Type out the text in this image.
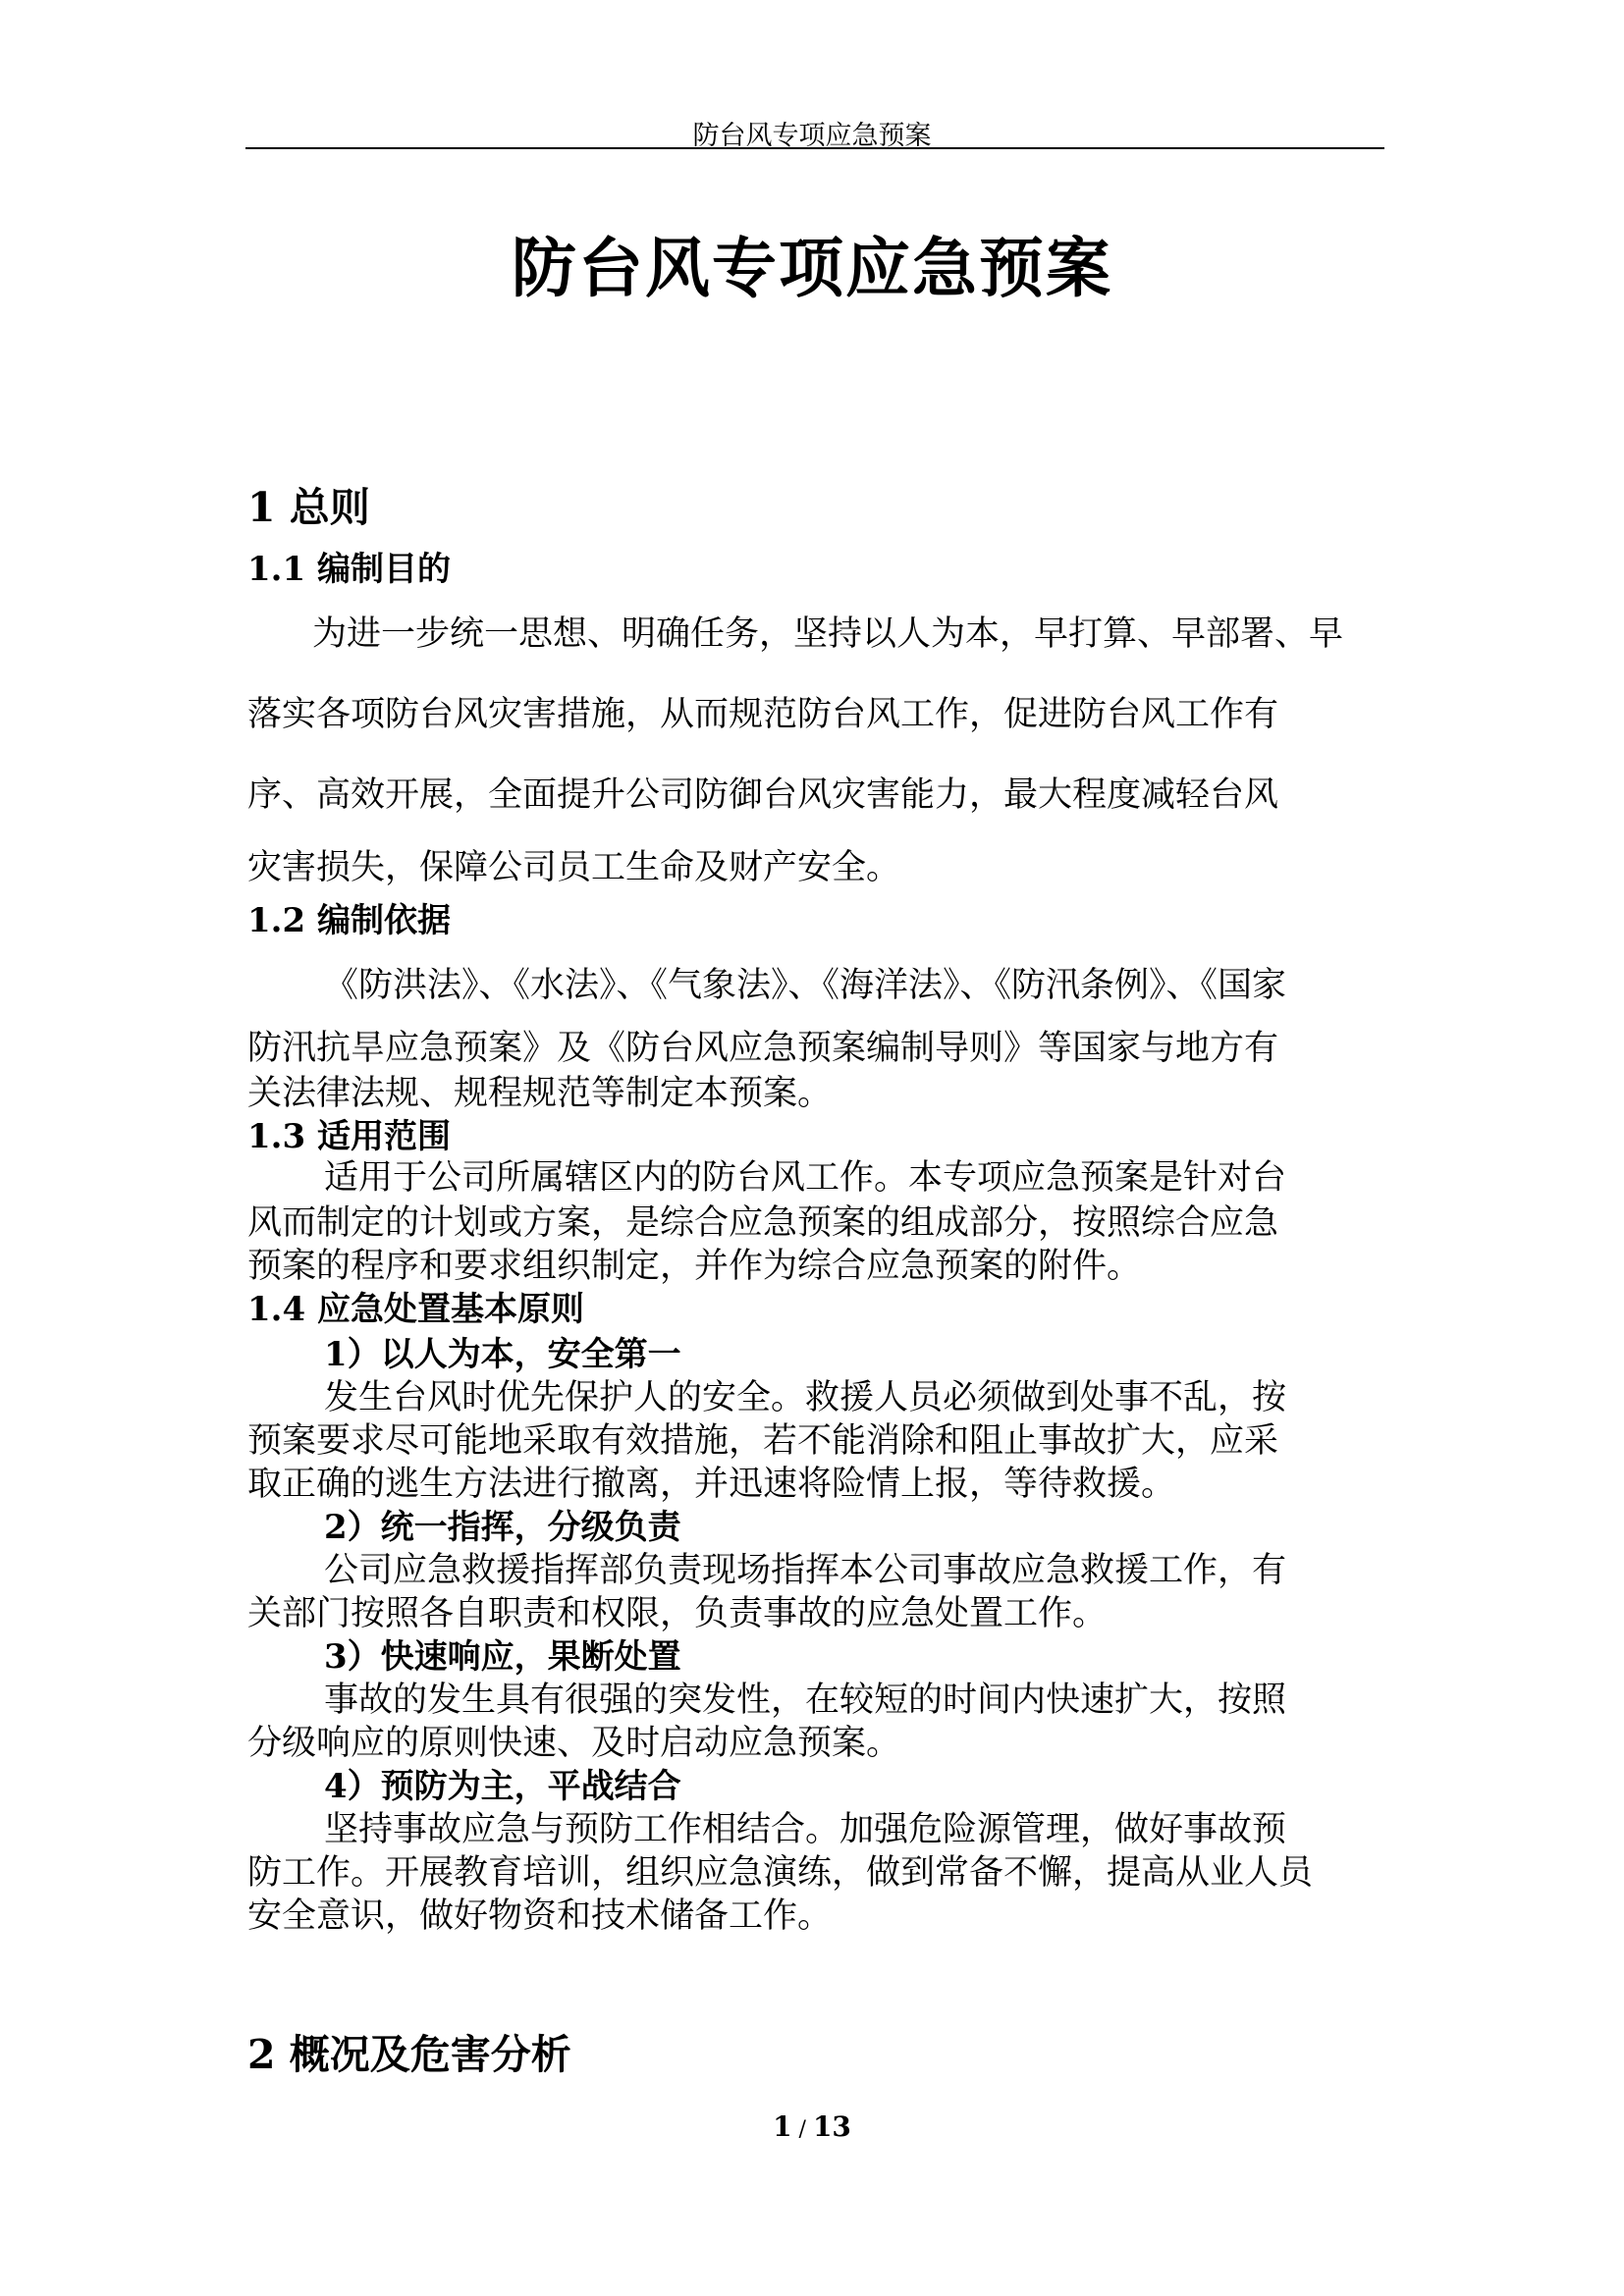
防台风专项应急预案
防台风专项应急预案
1 总则
1.1 编制目的
为进一步统一思想、明确任务，坚持以人为本，早打算、早部署、早
落实各项防台风灾害措施，从而规范防台风工作，促进防台风工作有
序、高效开展，全面提升公司防御台风灾害能力，最大程度减轻台风
灾害损失，保障公司员工生命及财产安全。
1.2 编制依据
《防洪法》、《水法》、《气象法》、《海洋法》、《防汛条例》、《国家
防汛抗旱应急预案》及《防台风应急预案编制导则》等国家与地方有
关法律法规、规程规范等制定本预案。
1.3 适用范围
适用于公司所属辖区内的防台风工作。本专项应急预案是针对台
风而制定的计划或方案，是综合应急预案的组成部分，按照综合应急
预案的程序和要求组织制定，并作为综合应急预案的附件。
1.4 应急处置基本原则
1）以人为本，安全第一
发生台风时优先保护人的安全。救援人员必须做到处事不乱，按
预案要求尽可能地采取有效措施，若不能消除和阻止事故扩大，应采
取正确的逃生方法进行撤离，并迅速将险情上报，等待救援。
2）统一指挥，分级负责
公司应急救援指挥部负责现场指挥本公司事故应急救援工作，有
关部门按照各自职责和权限，负责事故的应急处置工作。
3）快速响应，果断处置
事故的发生具有很强的突发性，在较短的时间内快速扩大，按照
分级响应的原则快速、及时启动应急预案。
4）预防为主，平战结合
坚持事故应急与预防工作相结合。加强危险源管理，做好事故预
防工作。开展教育培训，组织应急演练，做到常备不懈，提高从业人员
安全意识，做好物资和技术储备工作。
2 概况及危害分析
1 / 13
